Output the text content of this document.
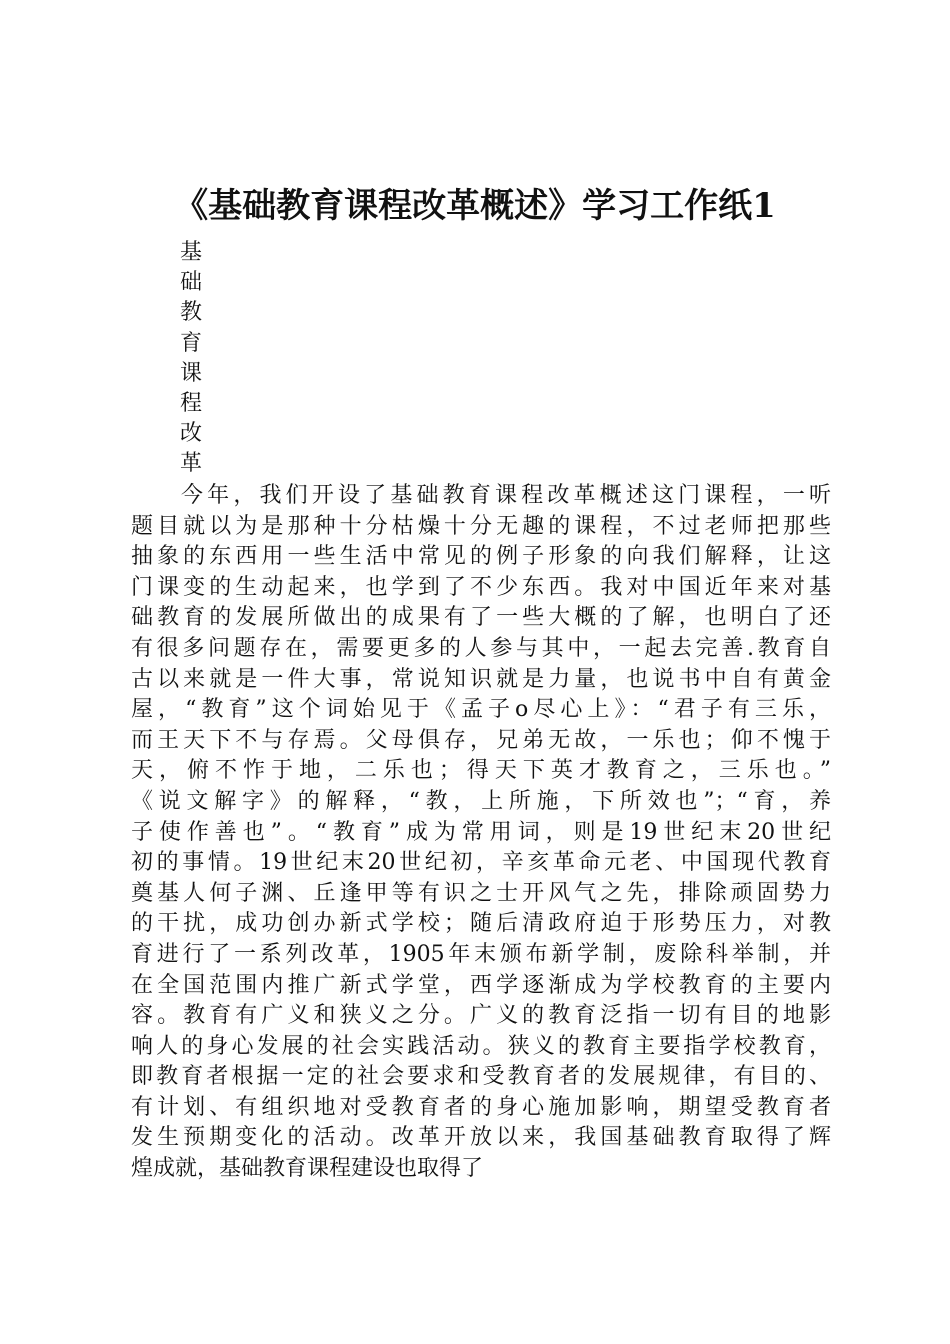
《基础教育课程改革概述》学习工作纸1
基
础
教
育
课
程
改
革
今年，我们开设了基础教育课程改革概述这门课程，一听
题目就以为是那种十分枯燥十分无趣的课程，不过老师把那些
抽象的东西用一些生活中常见的例子形象的向我们解释，让这
门课变的生动起来，也学到了不少东西。我对中国近年来对基
础教育的发展所做出的成果有了一些大概的了解，也明白了还
有很多问题存在，需要更多的人参与其中，一起去完善.教育自
古以来就是一件大事，常说知识就是力量，也说书中自有黄金
屋，“教育”这个词始见于《孟子o尽心上》：“君子有三乐，
而王天下不与存焉。父母俱存，兄弟无故，一乐也；仰不愧于
天，俯不怍于地，二乐也；得天下英才教育之，三乐也。”
《说文解字》的解释，“教，上所施，下所效也”；“育，养
子使作善也”。“教育”成为常用词，则是19世纪末20世纪
初的事情。19世纪末20世纪初，辛亥革命元老、中国现代教育
奠基人何子渊、丘逢甲等有识之士开风气之先，排除顽固势力
的干扰，成功创办新式学校；随后清政府迫于形势压力，对教
育进行了一系列改革，1905年末颁布新学制，废除科举制，并
在全国范围内推广新式学堂，西学逐渐成为学校教育的主要内
容。教育有广义和狭义之分。广义的教育泛指一切有目的地影
响人的身心发展的社会实践活动。狭义的教育主要指学校教育，
即教育者根据一定的社会要求和受教育者的发展规律，有目的、
有计划、有组织地对受教育者的身心施加影响，期望受教育者
发生预期变化的活动。改革开放以来，我国基础教育取得了辉
煌成就，基础教育课程建设也取得了
